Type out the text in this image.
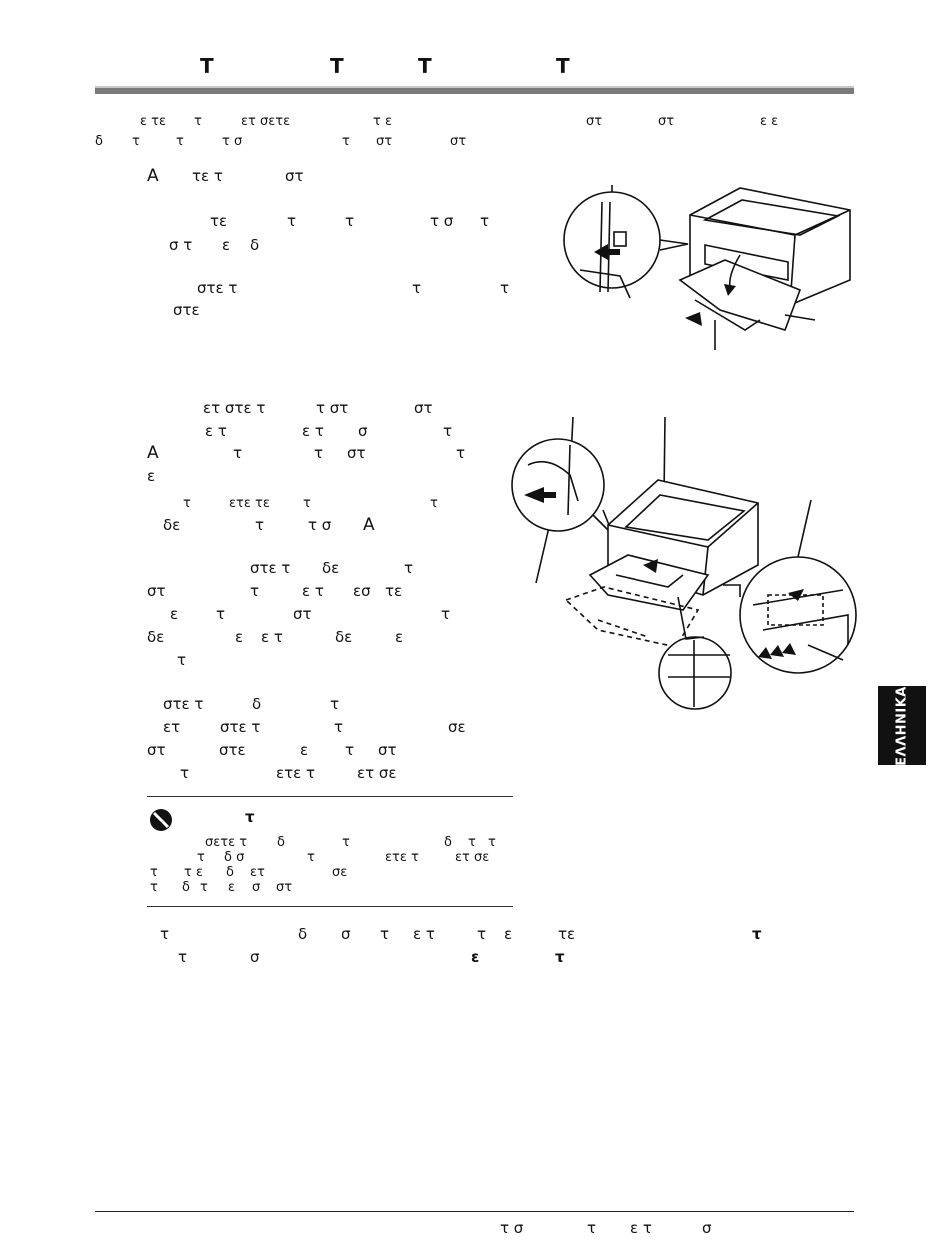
Τ	Τ	Τ	Τ
ε τε τ	ετ σετε	τ ε	στ	στ	ε ε
δ τ	τ	τ σ	τ στ	στ
Α τε τ	στ
τε	τ	τ	τ σ τ
σ τ ε δ
στε τ	τ	τ
στε
ετ στε τ	τ στ	στ
ε τ	ε τ σ	τ
Α	τ	τ στ	τ
ε
τ	ετε τε	τ	τ
δε	τ	τ σ Α
στε τ δε	τ
στ	τ	ε τ εσ τε
ε	τ	στ	τ
δε	ε ε τ	δε	ε
τ
στε τ	δ	τ
ετ	στε τ	τ	σε
στ	στε	ε τ στ
τ	ετε τ	ετ σε
τ
σετε τ δ	τ	δ τ τ
τ δ σ	τ	ετε τ	ετ σε
τ τ ε δ ετ	σε
τ δ τ ε σ στ
τ	δ σ τ ε τ	τ ε	τε	τ
τ	σ	ε	τ
ΕΛΛΗΝΙΚΑ
τ σ	τ ε τ	σ
